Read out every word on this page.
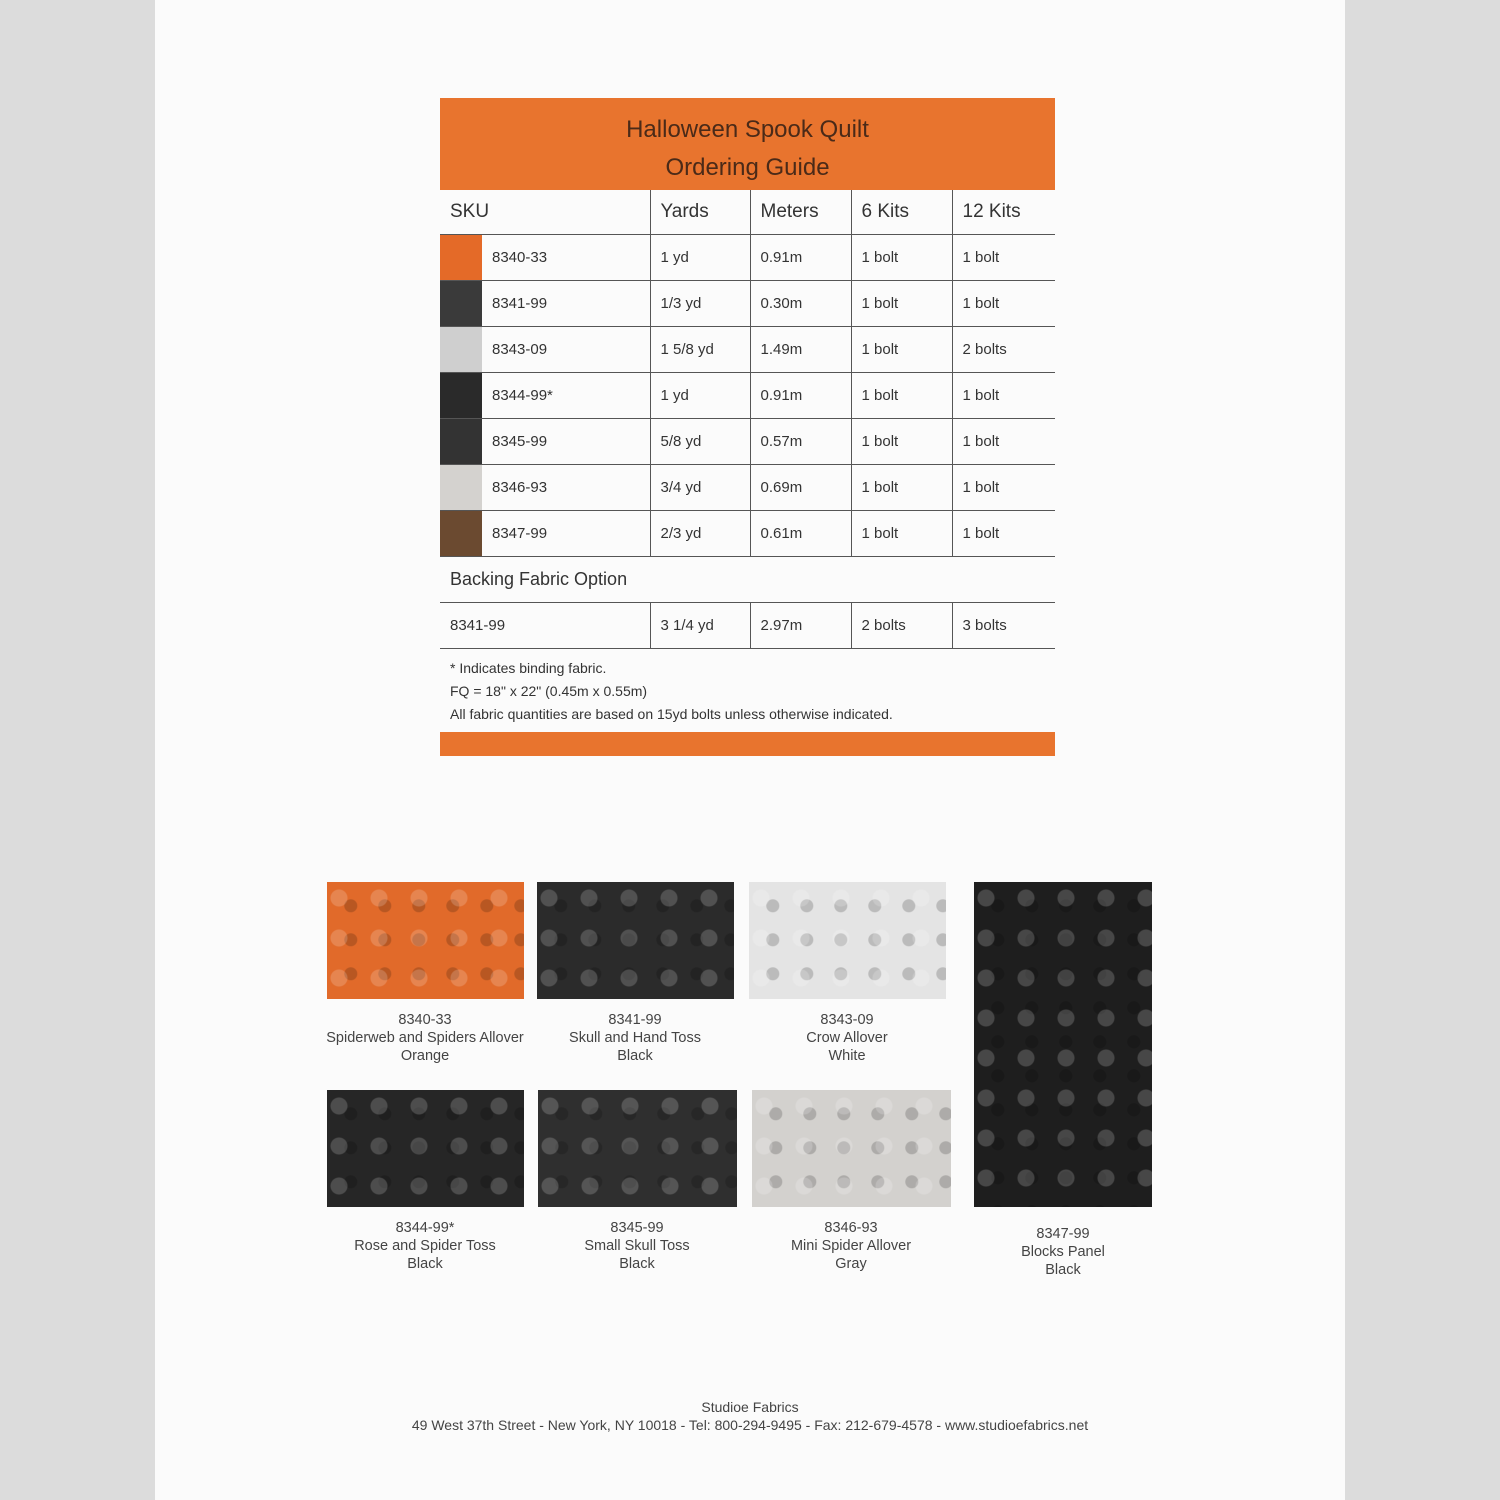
Halloween Spook Quilt
Ordering Guide
SKU	Yards	Meters	6 Kits	12 Kits

8340-33	1 yd	0.91m	1 bolt	1 bolt

8341-99	1/3 yd	0.30m	1 bolt	1 bolt

8343-09	1 5/8 yd	1.49m	1 bolt	2 bolts

8344-99*	1 yd	0.91m	1 bolt	1 bolt

8345-99	5/8 yd	0.57m	1 bolt	1 bolt

8346-93	3/4 yd	0.69m	1 bolt	1 bolt

8347-99	2/3 yd	0.61m	1 bolt	1 bolt
Backing Fabric Option				
8341-99	3 1/4 yd	2.97m	2 bolts	3 bolts
* Indicates binding fabric.
FQ = 18" x 22" (0.45m x 0.55m)
All fabric quantities are based on 15yd bolts unless otherwise indicated.
8340-33
Spiderweb and Spiders Allover
Orange
8341-99
Skull and Hand Toss
Black
8343-09
Crow Allover
White
8344-99*
Rose and Spider Toss
Black
8345-99
Small Skull Toss
Black
8346-93
Mini Spider Allover
Gray
8347-99
Blocks Panel
Black
Studioe Fabrics
49 West 37th Street - New York, NY 10018 - Tel: 800-294-9495 - Fax: 212-679-4578 - www.studioefabrics.net
